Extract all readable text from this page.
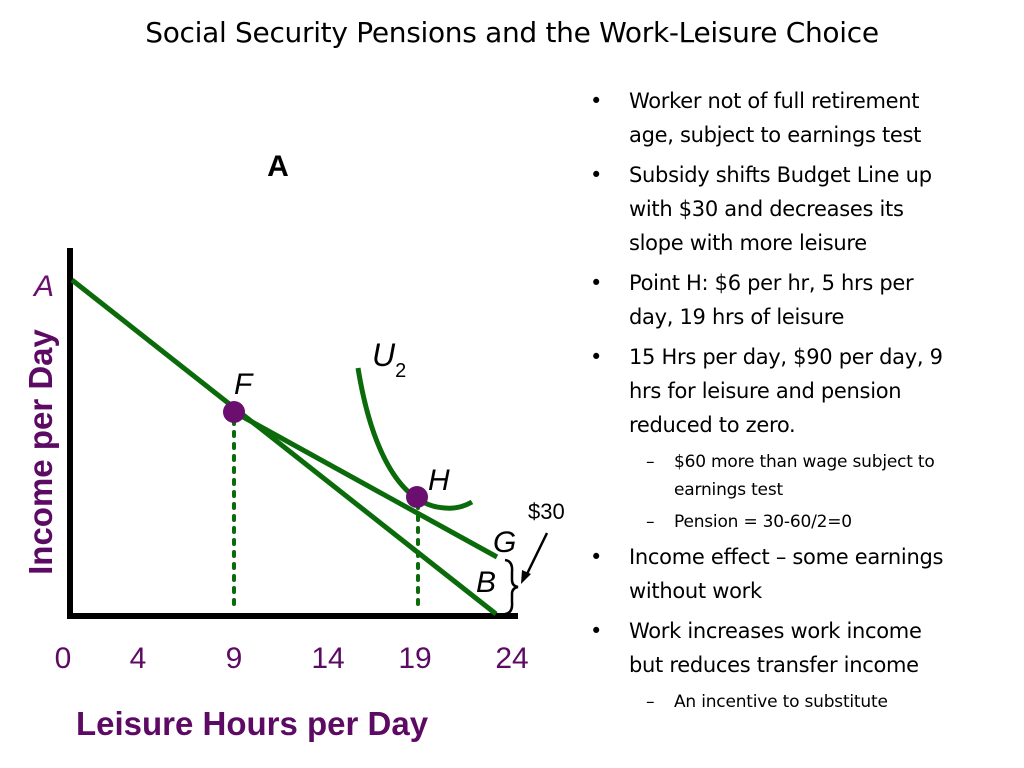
Social Security Pensions and the Work-Leisure Choice
A
A
F
H
G
B
U2
$30
0 4	9 14 19 24
Leisure Hours per Day
Income per Day
• Worker not of full retirement
age, subject to earnings test
• Subsidy shifts Budget Line up
with $30 and decreases its
slope with more leisure
• Point H: $6 per hr, 5 hrs per
day, 19 hrs of leisure
• 15 Hrs per day, $90 per day, 9
hrs for leisure and pension
reduced to zero.
– $60 more than wage subject to
earnings test
– Pension = 30-60/2=0
• Income effect – some earnings
without work
• Work increases work income
but reduces transfer income
– An incentive to substitute
